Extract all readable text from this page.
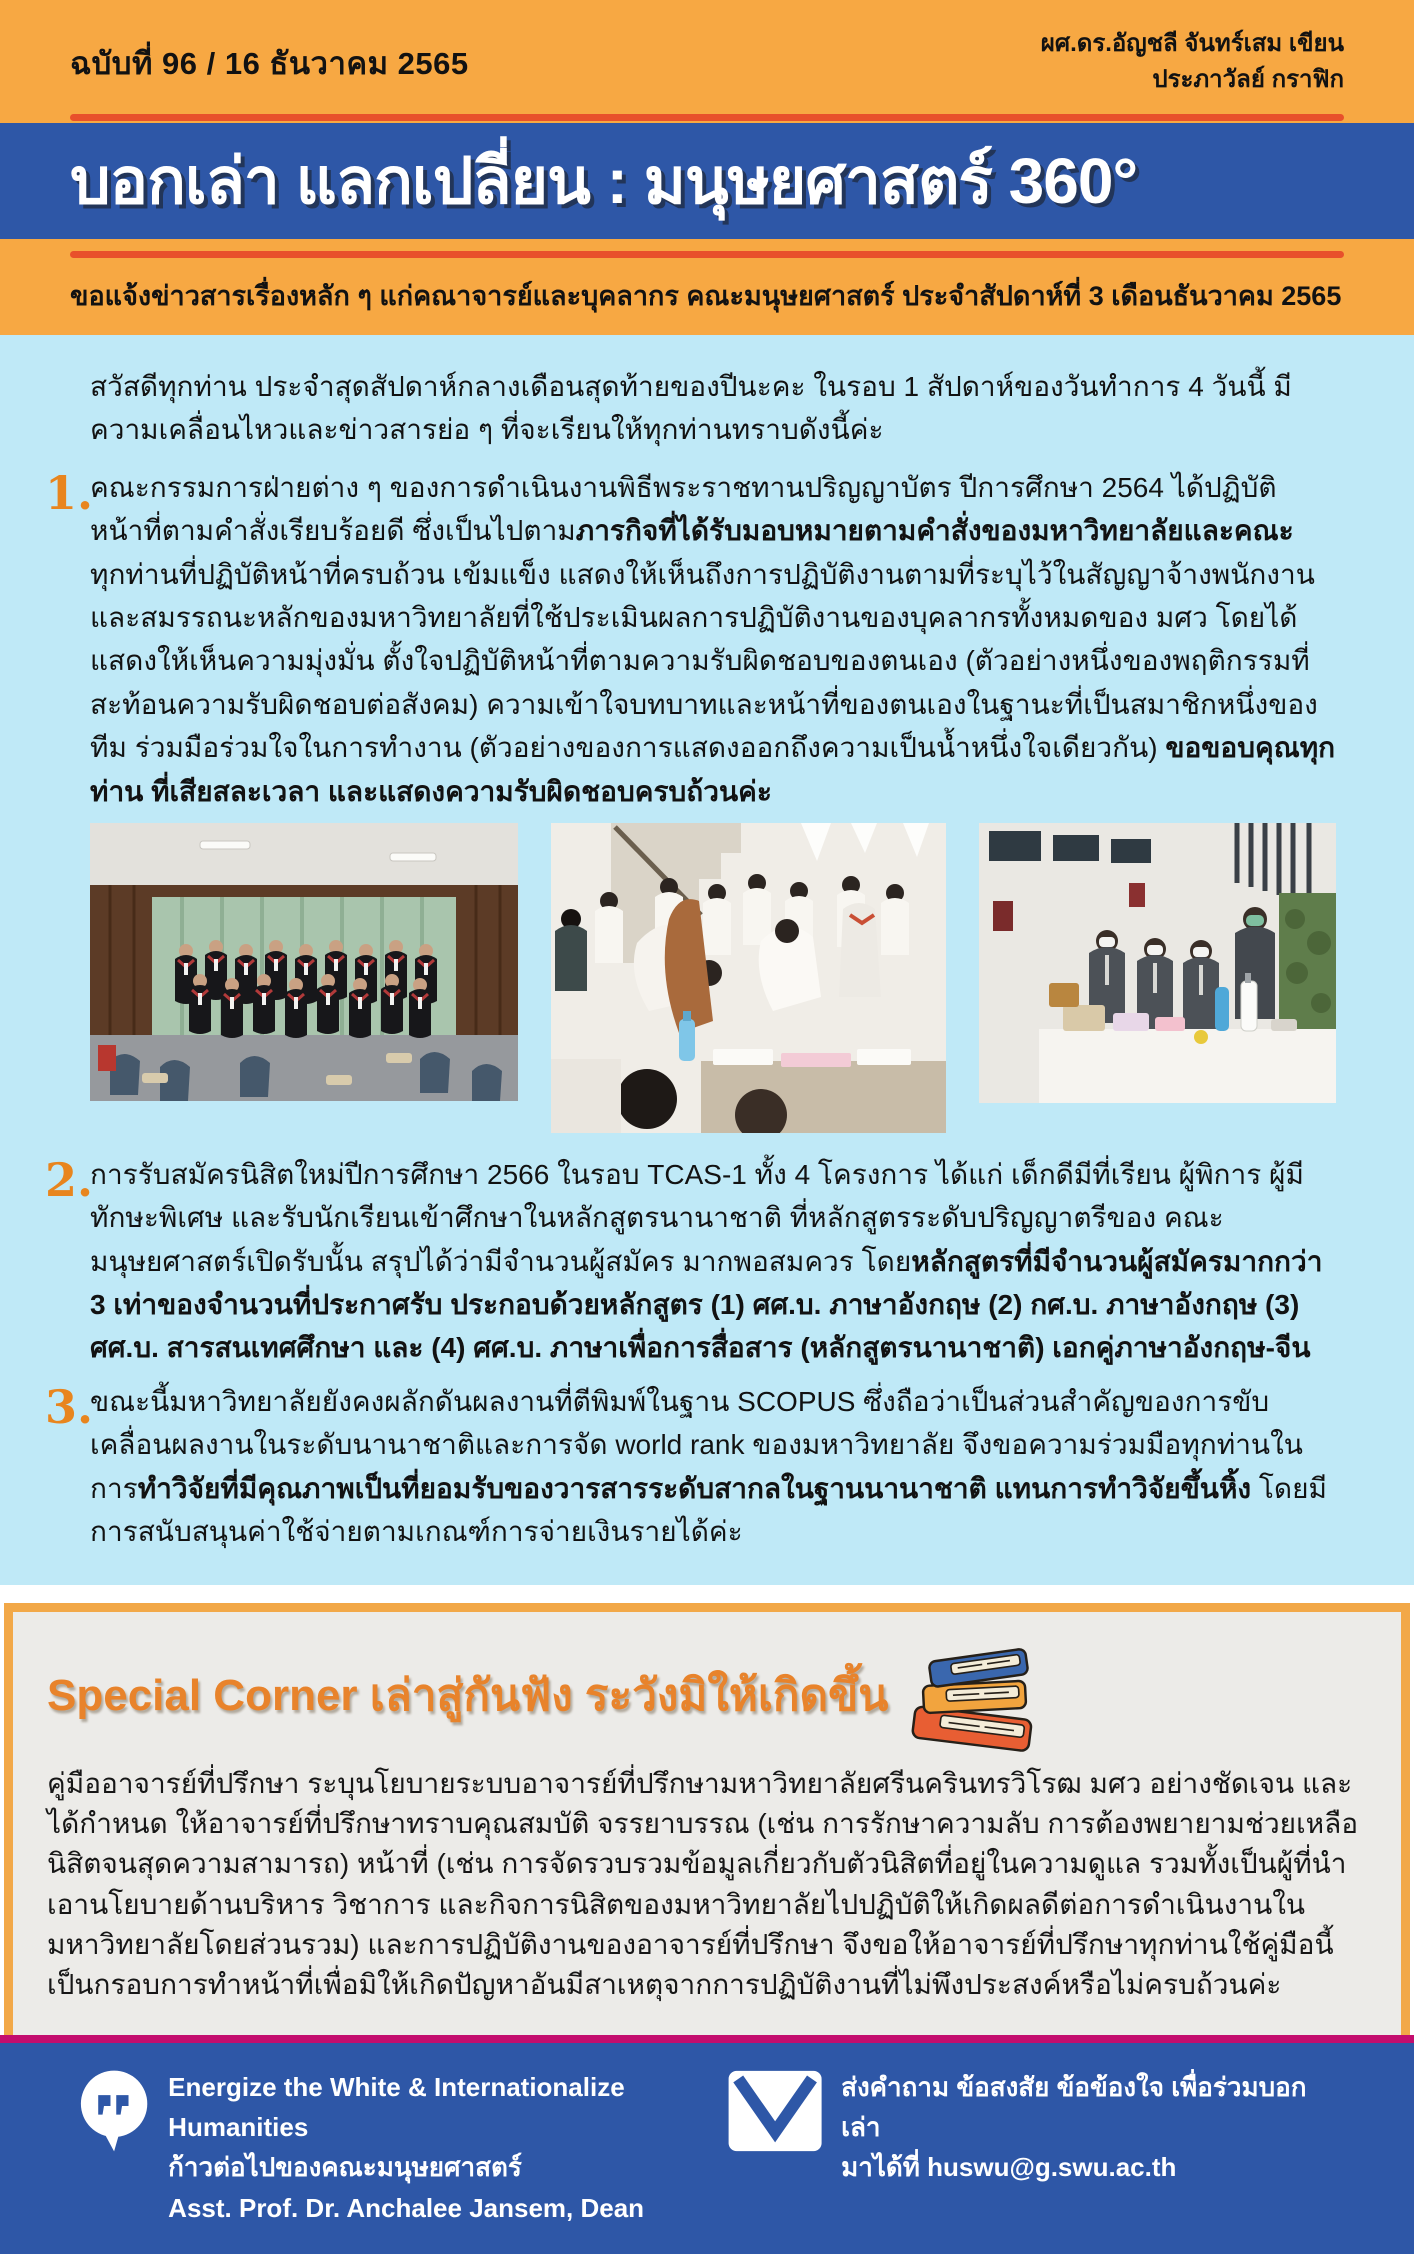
ฉบับที่ 96 / 16 ธันวาคม 2565
ผศ.ดร.อัญชลี จันทร์เสม เขียน
ประภาวัลย์ กราฟิก
บอกเล่า แลกเปลี่ยน : มนุษยศาสตร์ 360°
ขอแจ้งข่าวสารเรื่องหลัก ๆ แก่คณาจารย์และบุคลากร คณะมนุษยศาสตร์ ประจำสัปดาห์ที่ 3 เดือนธันวาคม 2565

สวัสดีทุกท่าน ประจำสุดสัปดาห์กลางเดือนสุดท้ายของปีนะคะ ในรอบ 1 สัปดาห์ของวันทำการ 4 วันนี้ มีความเคลื่อนไหวและข่าวสารย่อ ๆ ที่จะเรียนให้ทุกท่านทราบดังนี้ค่ะ

1.

คณะกรรมการฝ่ายต่าง ๆ ของการดำเนินงานพิธีพระราชทานปริญญาบัตร ปีการศึกษา 2564 ได้ปฏิบัติหน้าที่ตามคำสั่งเรียบร้อยดี ซึ่งเป็นไปตามภารกิจที่ได้รับมอบหมายตามคำสั่งของมหาวิทยาลัยและคณะ ทุกท่านที่ปฏิบัติหน้าที่ครบถ้วน เข้มแข็ง แสดงให้เห็นถึงการปฏิบัติงานตามที่ระบุไว้ในสัญญาจ้างพนักงานและสมรรถนะหลักของมหาวิทยาลัยที่ใช้ประเมินผลการปฏิบัติงานของบุคลากรทั้งหมดของ มศว โดยได้แสดงให้เห็นความมุ่งมั่น ตั้งใจปฏิบัติหน้าที่ตามความรับผิดชอบของตนเอง (ตัวอย่างหนึ่งของพฤติกรรมที่สะท้อนความรับผิดชอบต่อสังคม) ความเข้าใจบทบาทและหน้าที่ของตนเองในฐานะที่เป็นสมาชิกหนึ่งของทีม ร่วมมือร่วมใจในการทำงาน (ตัวอย่างของการแสดงออกถึงความเป็นน้ำหนึ่งใจเดียวกัน) ขอขอบคุณทุกท่าน ที่เสียสละเวลา และแสดงความรับผิดชอบครบถ้วนค่ะ

2.

การรับสมัครนิสิตใหม่ปีการศึกษา 2566 ในรอบ TCAS-1 ทั้ง 4 โครงการ ได้แก่ เด็กดีมีที่เรียน ผู้พิการ ผู้มีทักษะพิเศษ และรับนักเรียนเข้าศึกษาในหลักสูตรนานาชาติ ที่หลักสูตรระดับปริญญาตรีของ คณะมนุษยศาสตร์เปิดรับนั้น สรุปได้ว่ามีจำนวนผู้สมัคร มากพอสมควร โดยหลักสูตรที่มีจำนวนผู้สมัครมากกว่า 3 เท่าของจำนวนที่ประกาศรับ ประกอบด้วยหลักสูตร (1) ศศ.บ. ภาษาอังกฤษ (2) กศ.บ. ภาษาอังกฤษ (3) ศศ.บ. สารสนเทศศึกษา และ (4) ศศ.บ. ภาษาเพื่อการสื่อสาร (หลักสูตรนานาชาติ) เอกคู่ภาษาอังกฤษ-จีน

3.

ขณะนี้มหาวิทยาลัยยังคงผลักดันผลงานที่ตีพิมพ์ในฐาน SCOPUS ซึ่งถือว่าเป็นส่วนสำคัญของการขับเคลื่อนผลงานในระดับนานาชาติและการจัด world rank ของมหาวิทยาลัย จึงขอความร่วมมือทุกท่านในการทำวิจัยที่มีคุณภาพเป็นที่ยอมรับของวารสารระดับสากลในฐานนานาชาติ แทนการทำวิจัยขึ้นหิ้ง โดยมีการสนับสนุนค่าใช้จ่ายตามเกณฑ์การจ่ายเงินรายได้ค่ะ

Special Corner เล่าสู่กันฟัง ระวังมิให้เกิดขึ้น

คู่มืออาจารย์ที่ปรึกษา ระบุนโยบายระบบอาจารย์ที่ปรึกษามหาวิทยาลัยศรีนครินทรวิโรฒ มศว อย่างชัดเจน และได้กำหนด ให้อาจารย์ที่ปรึกษาทราบคุณสมบัติ จรรยาบรรณ (เช่น การรักษาความลับ การต้องพยายามช่วยเหลือนิสิตจนสุดความสามารถ) หน้าที่ (เช่น การจัดรวบรวมข้อมูลเกี่ยวกับตัวนิสิตที่อยู่ในความดูแล รวมทั้งเป็นผู้ที่นำเอานโยบายด้านบริหาร วิชาการ และกิจการนิสิตของมหาวิทยาลัยไปปฏิบัติให้เกิดผลดีต่อการดำเนินงานในมหาวิทยาลัยโดยส่วนรวม) และการปฏิบัติงานของอาจารย์ที่ปรึกษา จึงขอให้อาจารย์ที่ปรึกษาทุกท่านใช้คู่มือนี้เป็นกรอบการทำหน้าที่เพื่อมิให้เกิดปัญหาอันมีสาเหตุจากการปฏิบัติงานที่ไม่พึงประสงค์หรือไม่ครบถ้วนค่ะ

Energize the White & Internationalize Humanities
ก้าวต่อไปของคณะมนุษยศาสตร์
Asst. Prof. Dr. Anchalee Jansem, Dean
ส่งคำถาม ข้อสงสัย ข้อข้องใจ เพื่อร่วมบอกเล่า
มาได้ที่ huswu@g.swu.ac.th
